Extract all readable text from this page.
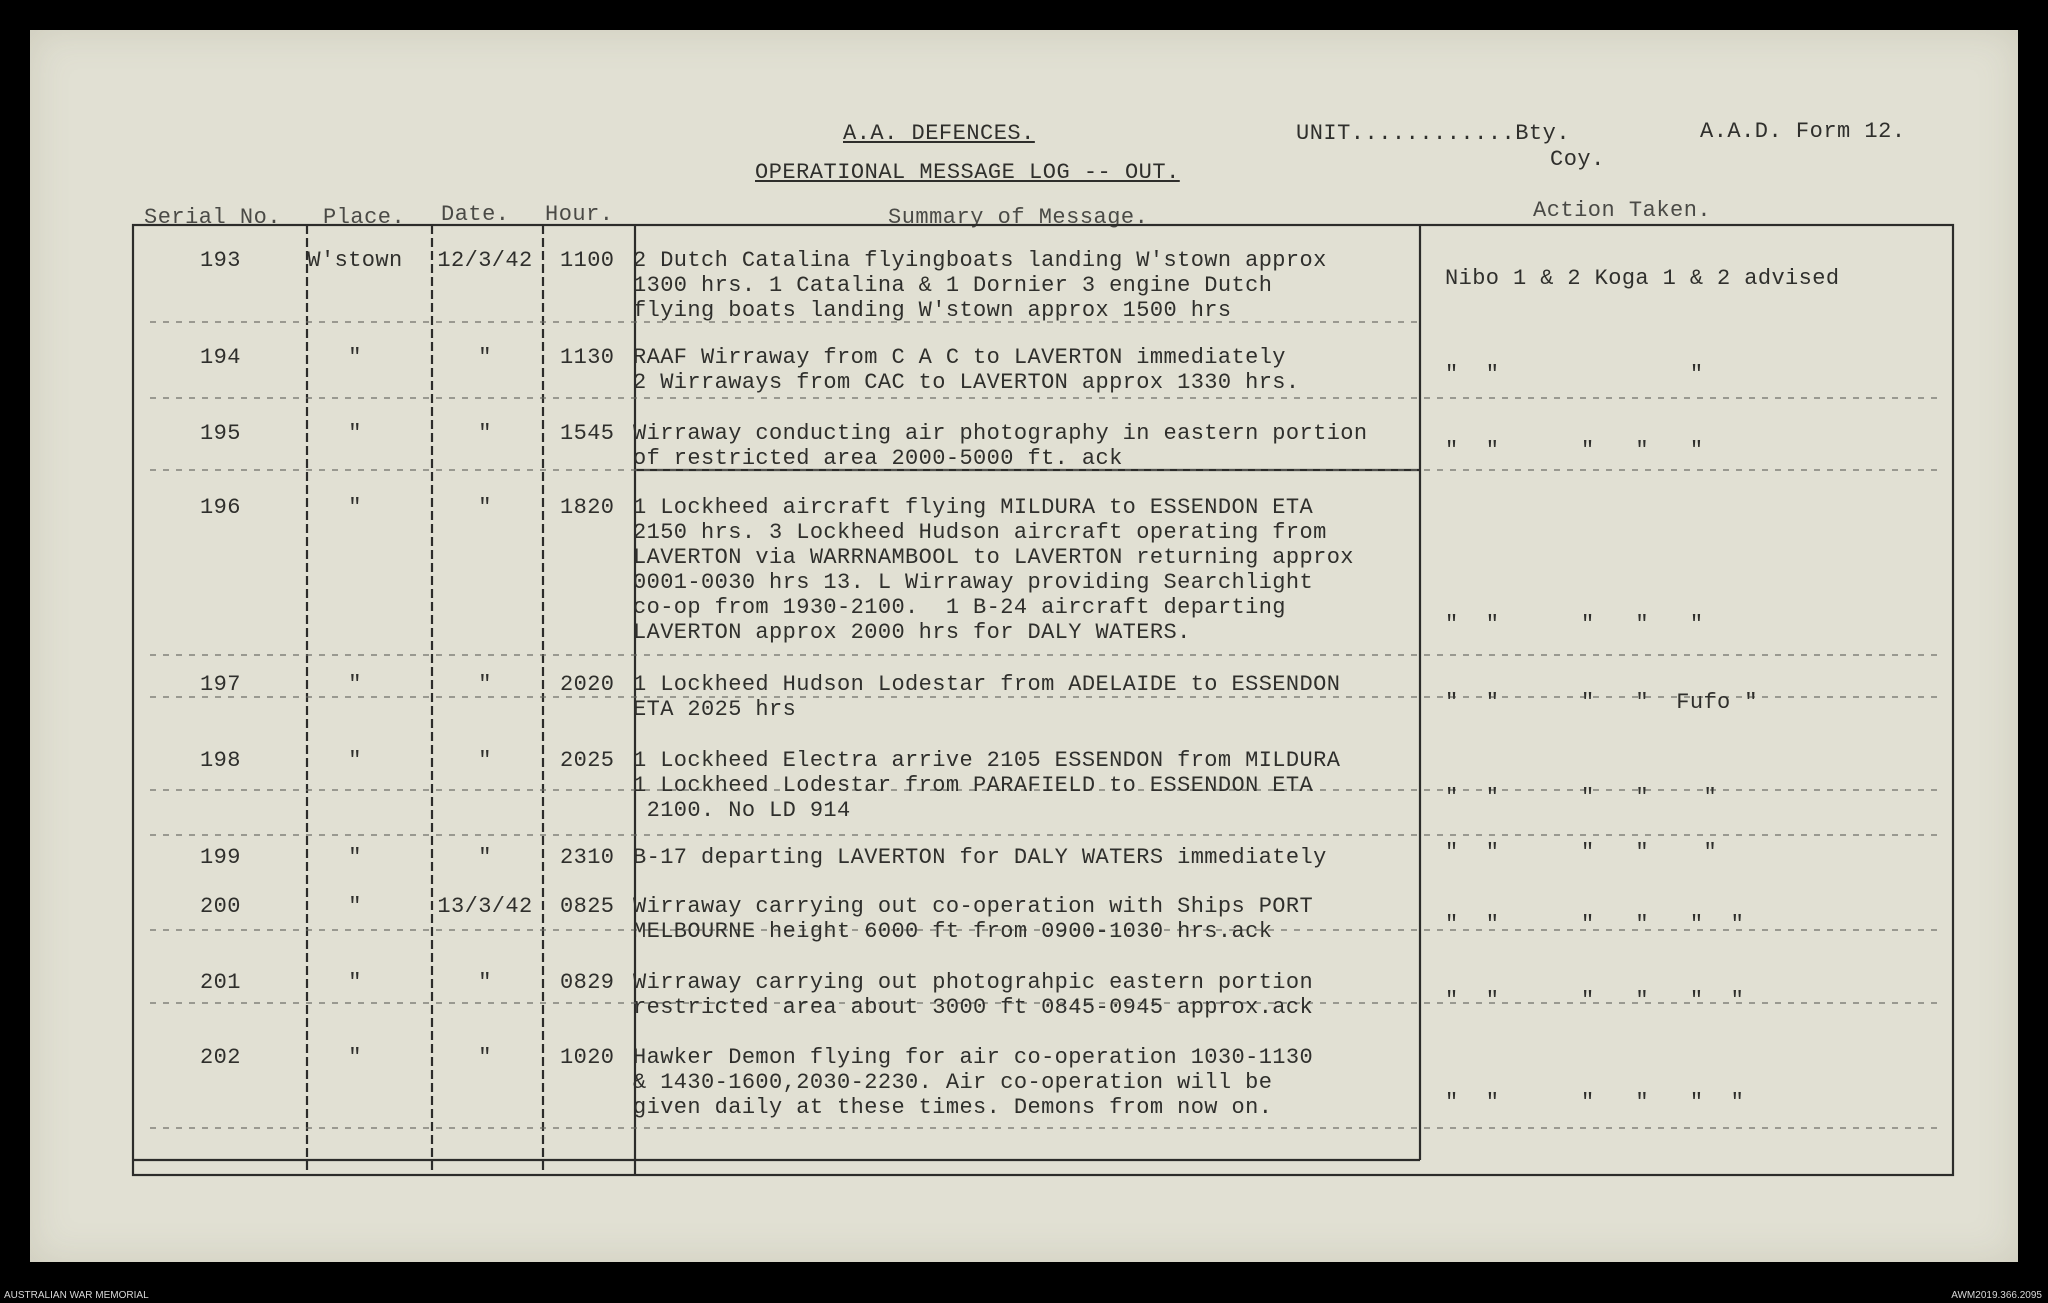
A.A. DEFENCES.
OPERATIONAL MESSAGE LOG -- OUT.
UNIT............Bty.
Coy.
A.A.D. Form 12.
Serial No. Place. Date. Hour.	Summary of Message.	Action Taken.
193	W'stown	12/3/42	1100 2 Dutch Catalina flyingboats landing W'stown approx
1300 hrs. 1 Catalina & 1 Dornier 3 engine Dutch
flying boats landing W'stown approx 1500 hrs
Nibo 1 & 2 Koga 1 & 2 advised
194	"	"	1130 RAAF Wirraway from C A C to LAVERTON immediately
2 Wirraways from CAC to LAVERTON approx 1330 hrs.	"  "              "
195	"	"	1545 Wirraway conducting air photography in eastern portion
of restricted area 2000-5000 ft. ack	"  "      "   "   "
196	"	"	1820 1 Lockheed aircraft flying MILDURA to ESSENDON ETA
2150 hrs. 3 Lockheed Hudson aircraft operating from
LAVERTON via WARRNAMBOOL to LAVERTON returning approx
0001-0030 hrs 13. L Wirraway providing Searchlight
co-op from 1930-2100.  1 B-24 aircraft departing
LAVERTON approx 2000 hrs for DALY WATERS.	"  "      "   "   "
197	"	"	2020 1 Lockheed Hudson Lodestar from ADELAIDE to ESSENDON
ETA 2025 hrs	"  "      "   "  Fufo "
198	"	"	2025 1 Lockheed Electra arrive 2105 ESSENDON from MILDURA
1 Lockheed Lodestar from PARAFIELD to ESSENDON ETA
2100. No LD 914
"  "      "   "    "
199	"	"	2310 B-17 departing LAVERTON for DALY WATERS immediately	"  "      "   "    "
200	"	13/3/42	0825 Wirraway carrying out co-operation with Ships PORT
MELBOURNE height 6000 ft from 0900-1030 hrs.ack	"  "      "   "   "  "
201	"	"	0829 Wirraway carrying out photograhpic eastern portion
restricted area about 3000 ft 0845-0945 approx.ack	"  "      "   "   "  "
202	"	"	1020 Hawker Demon flying for air co-operation 1030-1130
& 1430-1600,2030-2230. Air co-operation will be
given daily at these times. Demons from now on.	"  "      "   "   "  "
AUSTRALIAN WAR MEMORIAL	AWM2019.366.2095
